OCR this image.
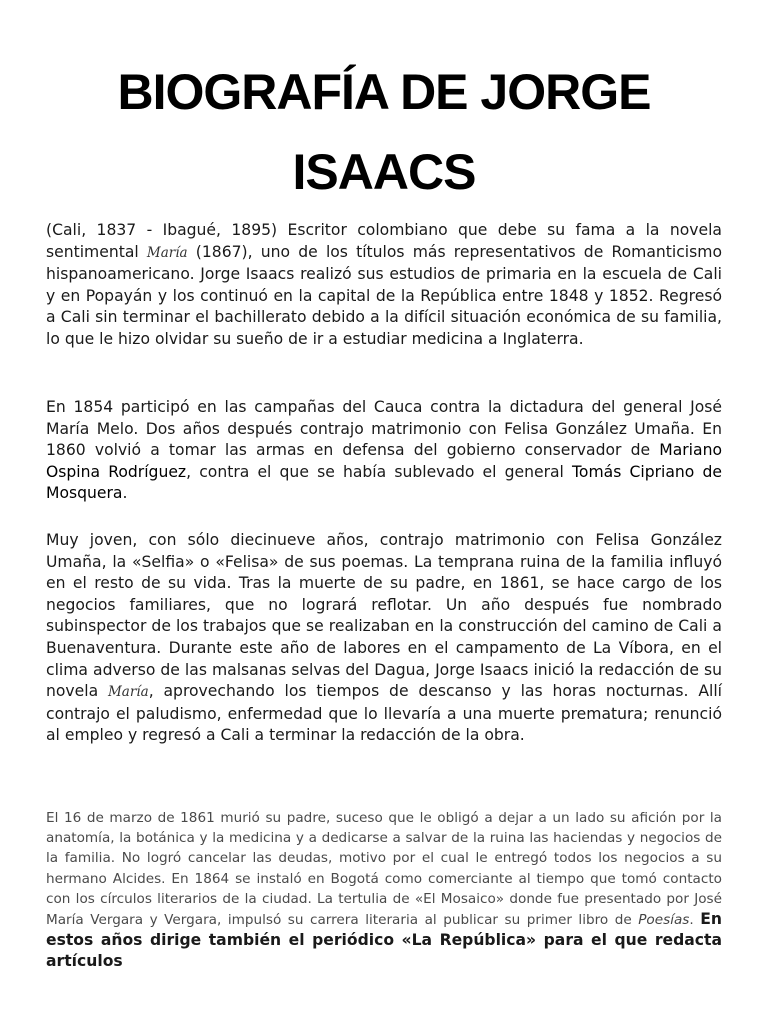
BIOGRAFÍA DE JORGE
ISAACS

(Cali, 1837 - Ibagué, 1895) Escritor colombiano que debe su fama a la novela sentimental María (1867), uno de los títulos más representativos de Romanticismo hispanoamericano. Jorge Isaacs realizó sus estudios de primaria en la escuela de Cali y en Popayán y los continuó en la capital de la República entre 1848 y 1852. Regresó a Cali sin terminar el bachillerato debido a la difícil situación económica de su familia, lo que le hizo olvidar su sueño de ir a estudiar medicina a Inglaterra.

En 1854 participó en las campañas del Cauca contra la dictadura del general José María Melo. Dos años después contrajo matrimonio con Felisa González Umaña. En 1860 volvió a tomar las armas en defensa del gobierno conservador de Mariano Ospina Rodríguez, contra el que se había sublevado el general Tomás Cipriano de Mosquera.

Muy joven, con sólo diecinueve años, contrajo matrimonio con Felisa González Umaña, la «Selfia» o «Felisa» de sus poemas. La temprana ruina de la familia influyó en el resto de su vida. Tras la muerte de su padre, en 1861, se hace cargo de los negocios familiares, que no logrará reflotar. Un año después fue nombrado subinspector de los trabajos que se realizaban en la construcción del camino de Cali a Buenaventura. Durante este año de labores en el campamento de La Víbora, en el clima adverso de las malsanas selvas del Dagua, Jorge Isaacs inició la redacción de su novela María, aprovechando los tiempos de descanso y las horas nocturnas. Allí contrajo el paludismo, enfermedad que lo llevaría a una muerte prematura; renunció al empleo y regresó a Cali a terminar la redacción de la obra.

El 16 de marzo de 1861 murió su padre, suceso que le obligó a dejar a un lado su afición por la anatomía, la botánica y la medicina y a dedicarse a salvar de la ruina las haciendas y negocios de la familia. No logró cancelar las deudas, motivo por el cual le entregó todos los negocios a su hermano Alcides. En 1864 se instaló en Bogotá como comerciante al tiempo que tomó contacto con los círculos literarios de la ciudad. La tertulia de «El Mosaico» donde fue presentado por José María Vergara y Vergara, impulsó su carrera literaria al publicar su primer libro de Poesías. En estos años dirige también el periódico «La República» para el que redacta artículos
